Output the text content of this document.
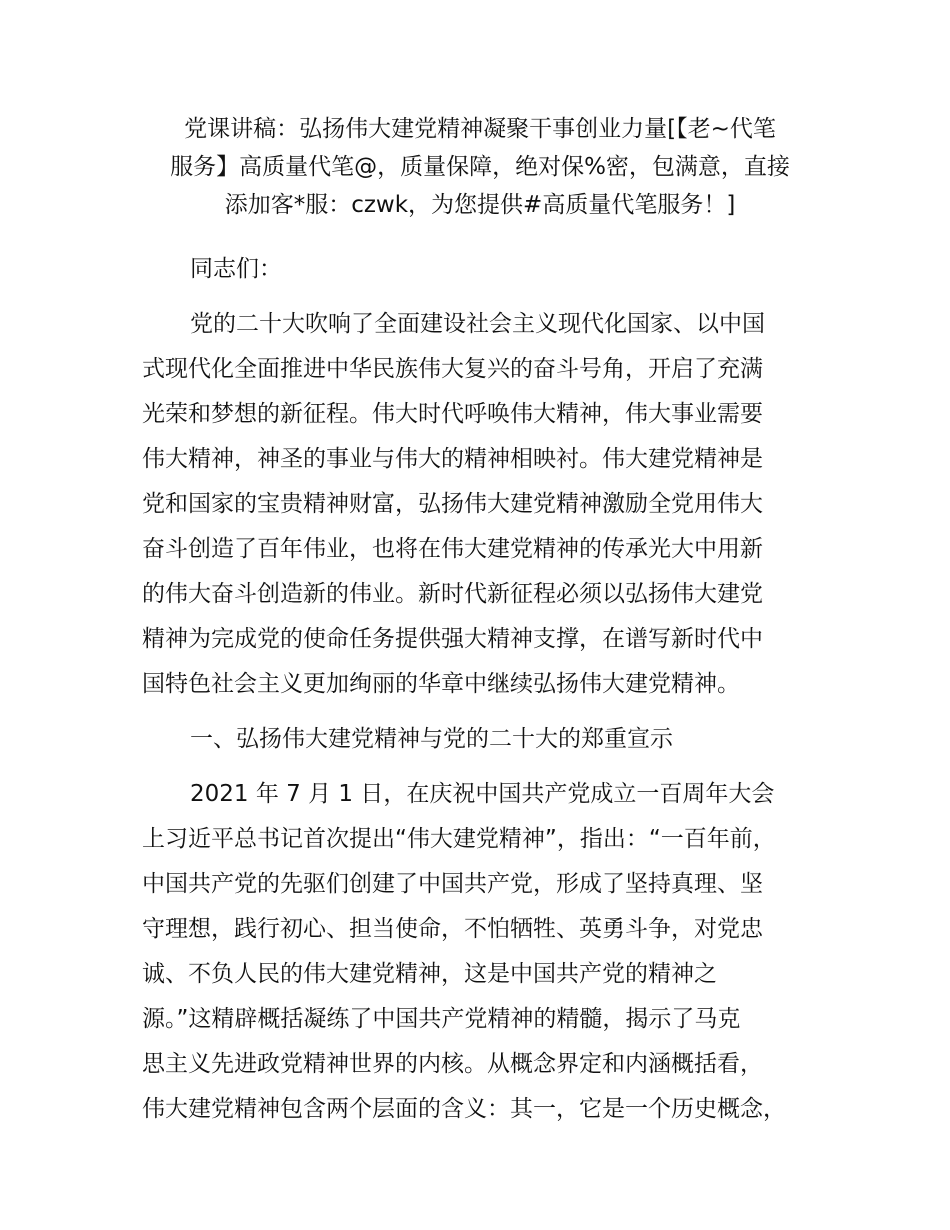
党课讲稿：弘扬伟大建党精神凝聚干事创业力量[【老~代笔
服务】高质量代笔@，质量保障，绝对保%密，包满意，直接
添加客*服：czwk，为您提供#高质量代笔服务！]
同志们：
党的二十大吹响了全面建设社会主义现代化国家、以中国
式现代化全面推进中华民族伟大复兴的奋斗号角，开启了充满
光荣和梦想的新征程。伟大时代呼唤伟大精神，伟大事业需要
伟大精神，神圣的事业与伟大的精神相映衬。伟大建党精神是
党和国家的宝贵精神财富，弘扬伟大建党精神激励全党用伟大
奋斗创造了百年伟业，也将在伟大建党精神的传承光大中用新
的伟大奋斗创造新的伟业。新时代新征程必须以弘扬伟大建党
精神为完成党的使命任务提供强大精神支撑，在谱写新时代中
国特色社会主义更加绚丽的华章中继续弘扬伟大建党精神。
一、弘扬伟大建党精神与党的二十大的郑重宣示
2021 年 7 月 1 日，在庆祝中国共产党成立一百周年大会
上习近平总书记首次提出“伟大建党精神”，指出：“一百年前，
中国共产党的先驱们创建了中国共产党，形成了坚持真理、坚
守理想，践行初心、担当使命，不怕牺牲、英勇斗争，对党忠
诚、不负人民的伟大建党精神，这是中国共产党的精神之
源。”这精辟概括凝练了中国共产党精神的精髓，揭示了马克
思主义先进政党精神世界的内核。从概念界定和内涵概括看，
伟大建党精神包含两个层面的含义：其一，它是一个历史概念，
